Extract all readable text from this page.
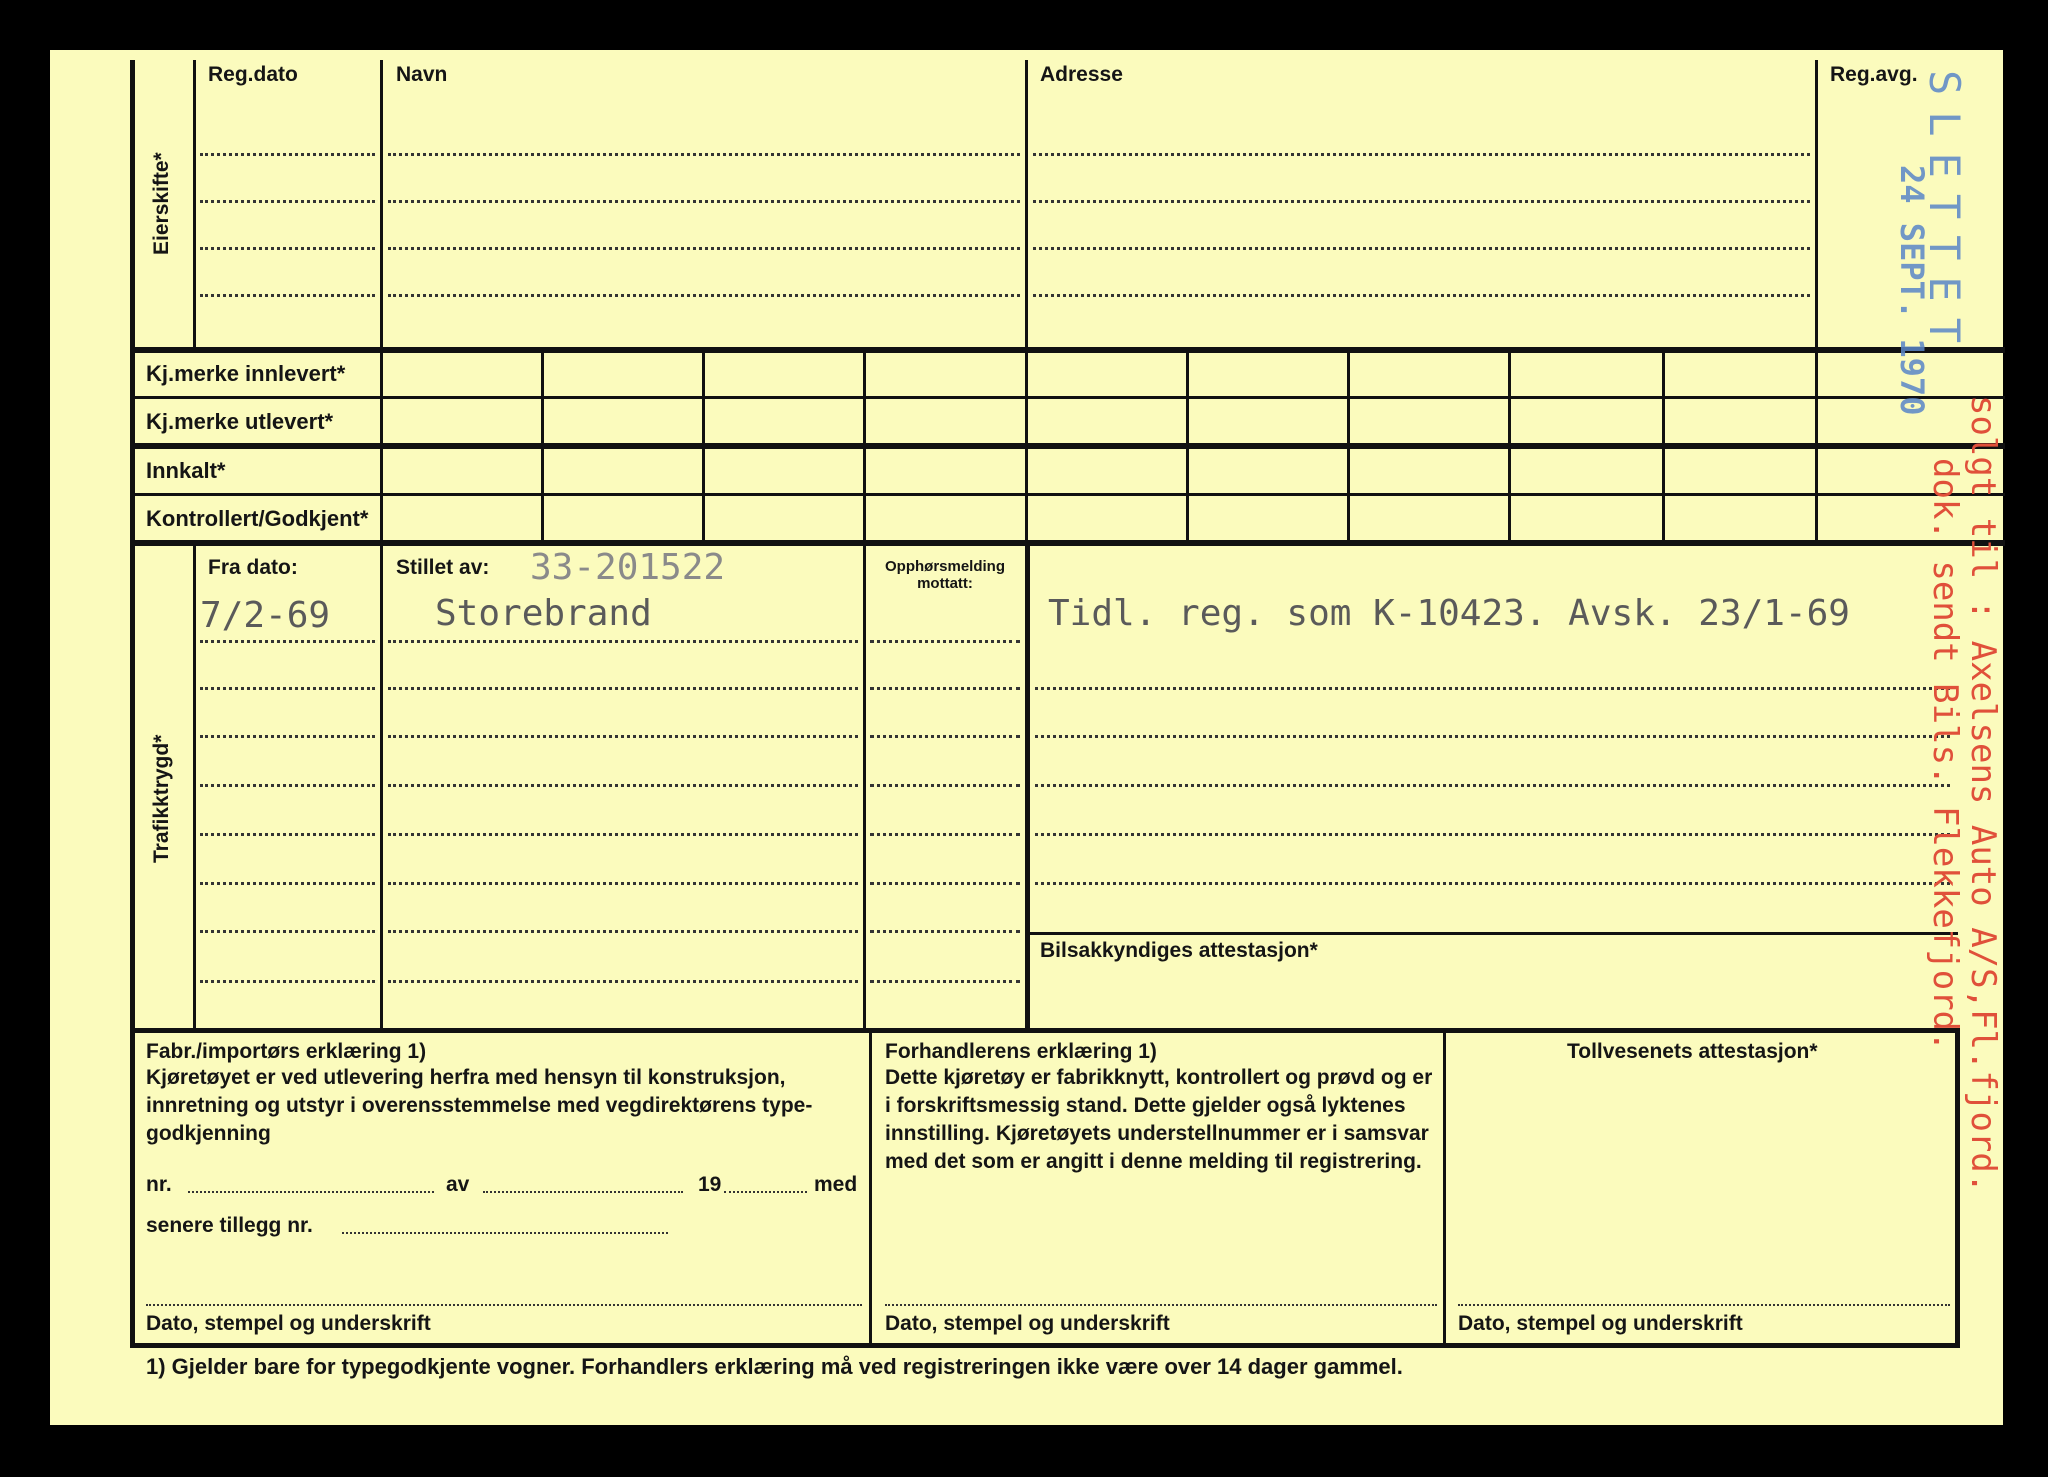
Eierskifte*
Reg.dato	Navn	Adresse	Reg.avg.
Kj.merke innlevert*
Kj.merke utlevert*
Innkalt*
Kontrollert/Godkjent*
Trafikktrygd*
Fra dato:
7/2-69
Stillet av: 33-201522
Storebrand
Opphørsmelding mottatt:
Tidl. reg. som K-10423. Avsk. 23/1-69
Bilsakkyndiges attestasjon*
Fabr./importørs erklæring 1)
Kjøretøyet er ved utlevering herfra med hensyn til konstruksjon, innretning og utstyr i overensstemmelse med vegdirektørens type-godkjenning
nr.	av	19	med
senere tillegg nr.
Dato, stempel og underskrift
Forhandlerens erklæring 1)
Dette kjøretøy er fabrikknytt, kontrollert og prøvd og er i forskriftsmessig stand. Dette gjelder også lyktenes innstilling. Kjøretøyets understellnummer er i samsvar med det som er angitt i denne melding til registrering.
Dato, stempel og underskrift
Tollvesenets attestasjon*
Dato, stempel og underskrift
1) Gjelder bare for typegodkjente vogner. Forhandlers erklæring må ved registreringen ikke være over 14 dager gammel.
SLETTET
24 SEPT. 1970
solgt til : Axelsens Auto A/S,Fl.fjord.
dok. sendt Bils. Flekkefjord.
